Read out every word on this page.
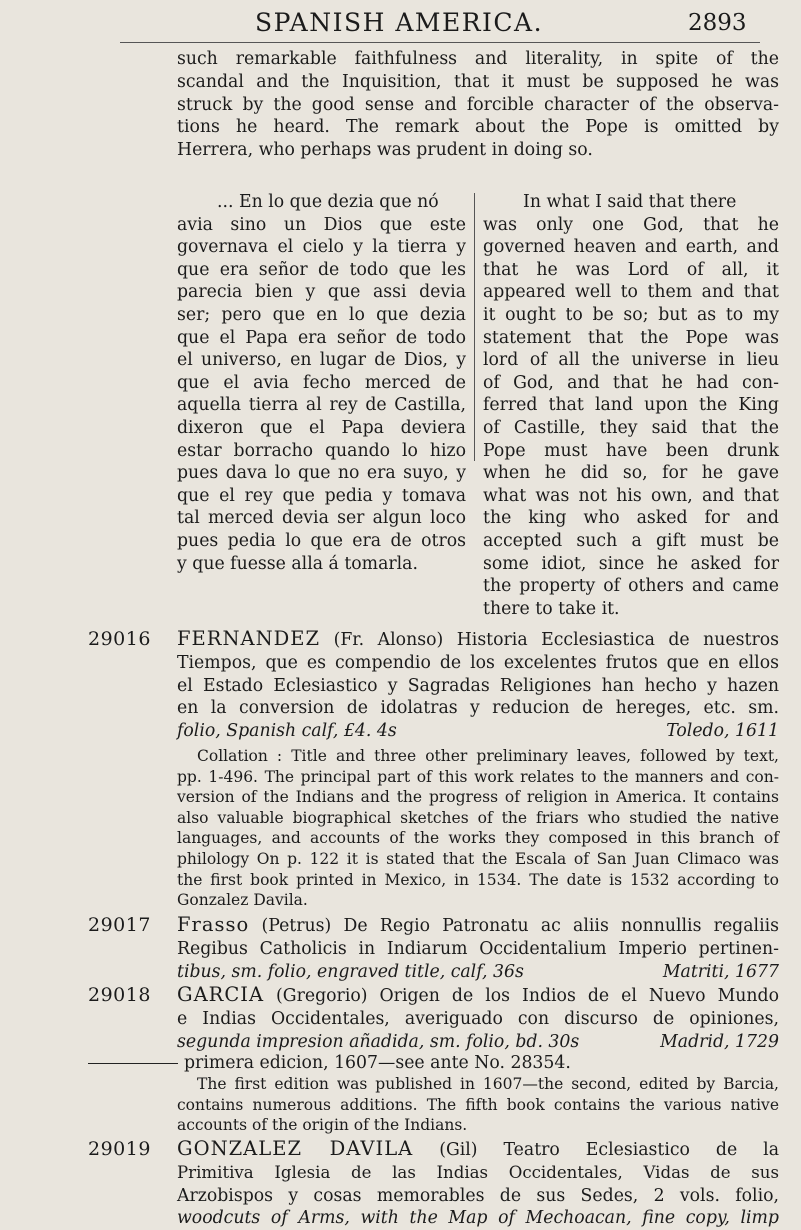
SPANISH AMERICA.	2893

such remarkable faithfulness and literality, in spite of the

scandal and the Inquisition, that it must be supposed he was

struck by the good sense and forcible character of the observa-

tions he heard. The remark about the Pope is omitted by

Herrera, who perhaps was prudent in doing so.

... En lo que dezia que nó
avia sino un Dios que este
governava el cielo y la tierra y
que era señor de todo que les
parecia bien y que assi devia
ser; pero que en lo que dezia
que el Papa era señor de todo
el universo, en lugar de Dios, y
que el avia fecho merced de
aquella tierra al rey de Castilla,
dixeron que el Papa deviera
estar borracho quando lo hizo
pues dava lo que no era suyo, y
que el rey que pedia y tomava
tal merced devia ser algun loco
pues pedia lo que era de otros
y que fuesse alla á tomarla.
In what I said that there
was only one God, that he
governed heaven and earth, and
that he was Lord of all, it
appeared well to them and that
it ought to be so; but as to my
statement that the Pope was
lord of all the universe in lieu
of God, and that he had con-
ferred that land upon the King
of Castille, they said that the
Pope must have been drunk
when he did so, for he gave
what was not his own, and that
the king who asked for and
accepted such a gift must be
some idiot, since he asked for
the property of others and came
there to take it.
29016 FERNANDEZ (Fr. Alonso) Historia Ecclesiastica de nuestros
Tiempos, que es compendio de los excelentes frutos que en ellos
el Estado Eclesiastico y Sagradas Religiones han hecho y hazen
en la conversion de idolatras y reducion de hereges, etc. sm.
folio, Spanish calf, £4. 4s	Toledo, 1611
Collation : Title and three other preliminary leaves, followed by text,
pp. 1-496. The principal part of this work relates to the manners and con-
version of the Indians and the progress of religion in America. It contains
also valuable biographical sketches of the friars who studied the native
languages, and accounts of the works they composed in this branch of
philology On p. 122 it is stated that the Escala of San Juan Climaco was
the first book printed in Mexico, in 1534. The date is 1532 according to
Gonzalez Davila.
29017 Frasso (Petrus) De Regio Patronatu ac aliis nonnullis regaliis
Regibus Catholicis in Indiarum Occidentalium Imperio pertinen-
tibus, sm. folio, engraved title, calf, 36s	Matriti, 1677
29018 GARCIA (Gregorio) Origen de los Indios de el Nuevo Mundo
e Indias Occidentales, averiguado con discurso de opiniones,
segunda impresion añadida, sm. folio, bd. 30s	Madrid, 1729
primera edicion, 1607—see ante No. 28354.
The first edition was published in 1607—the second, edited by Barcia,
contains numerous additions. The fifth book contains the various native
accounts of the origin of the Indians.
29019 GONZALEZ DAVILA (Gil) Teatro Eclesiastico de la
Primitiva Iglesia de las Indias Occidentales, Vidas de sus
Arzobispos y cosas memorables de sus Sedes, 2 vols. folio,
woodcuts of Arms, with the Map of Mechoacan, fine copy, limp
